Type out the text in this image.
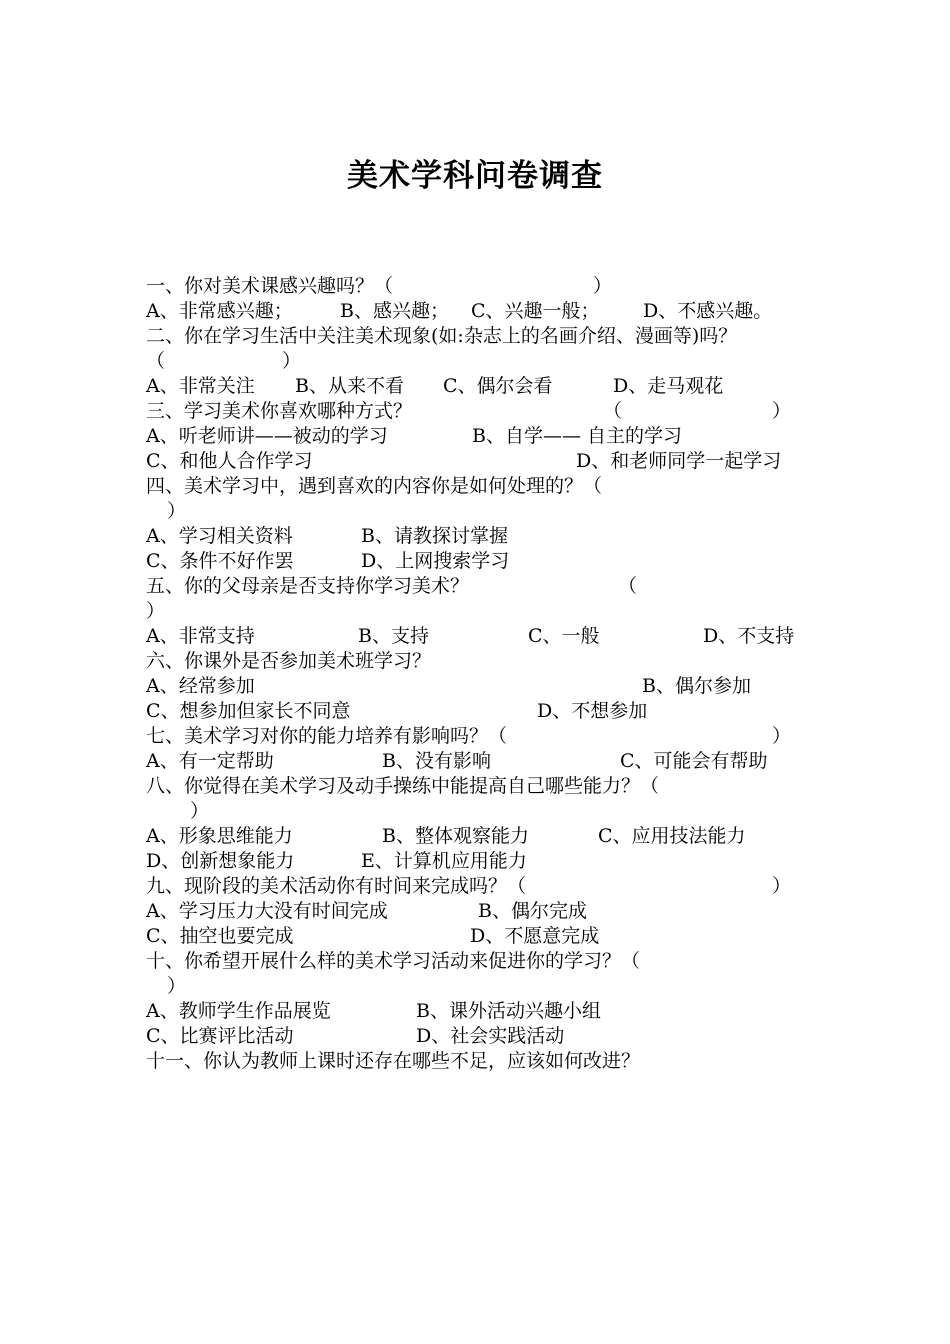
美术学科问卷调查
一、你对美术课感兴趣吗？（	）
A、非常感兴趣； B、感兴趣； C、兴趣一般； D、不感兴趣。
二、你在学习生活中关注美术现象(如:杂志上的名画介绍、漫画等)吗？
（	）
A、非常关注 B、从来不看 C、偶尔会看	D、走马观花
三、学习美术你喜欢哪种方式？	（	）
A、听老师讲——被动的学习	B、自学—— 自主的学习
C、和他人合作学习	D、和老师同学一起学习
四、美术学习中，遇到喜欢的内容你是如何处理的？（
）
A、学习相关资料	B、请教探讨掌握
C、条件不好作罢	D、上网搜索学习
五、你的父母亲是否支持你学习美术？	（
）
A、非常支持	B、支持	C、一般	D、不支持
六、你课外是否参加美术班学习？
A、经常参加	B、偶尔参加
C、想参加但家长不同意	D、不想参加
七、美术学习对你的能力培养有影响吗？（	）
A、有一定帮助	B、没有影响	C、可能会有帮助
八、你觉得在美术学习及动手操练中能提高自己哪些能力？（
）
A、形象思维能力	B、整体观察能力	C、应用技法能力
D、创新想象能力	E、计算机应用能力
九、现阶段的美术活动你有时间来完成吗？（	）
A、学习压力大没有时间完成	B、偶尔完成
C、抽空也要完成	D、不愿意完成
十、你希望开展什么样的美术学习活动来促进你的学习？（
）
A、教师学生作品展览	B、课外活动兴趣小组
C、比赛评比活动	D、社会实践活动
十一、你认为教师上课时还存在哪些不足，应该如何改进？
